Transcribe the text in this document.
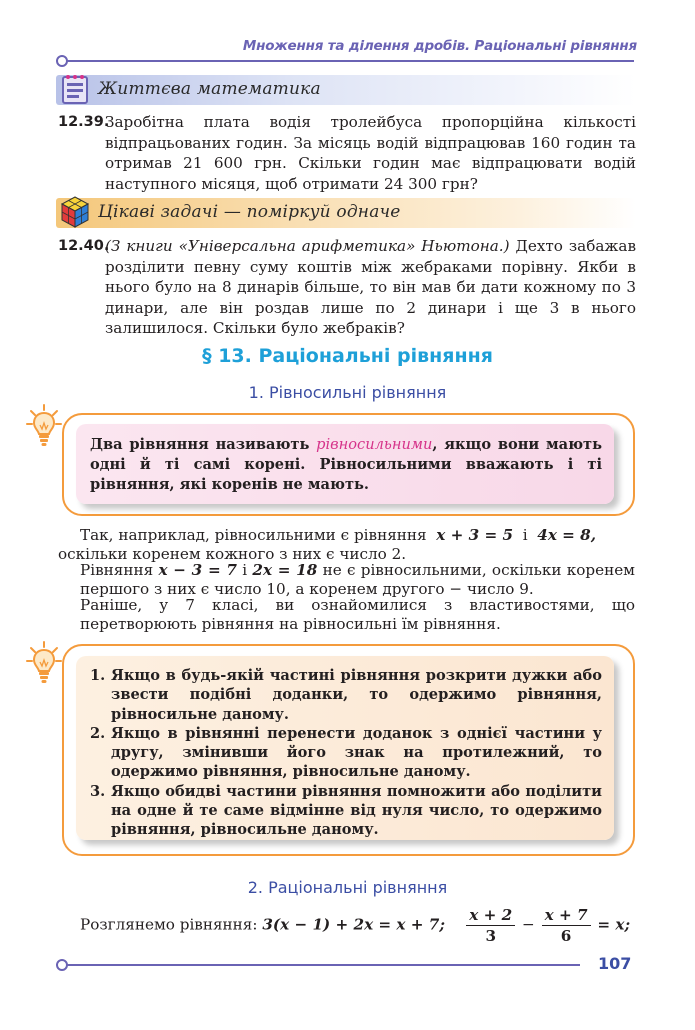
Множення та ділення дробів. Раціональні рівняння
Життєва математика
12.39.
Заробітна плата водія тролейбуса пропорційна кількості відпрацьованих годин. За місяць водій відпрацював 160 годин та отримав 21 600 грн. Скільки годин має відпрацювати водій наступного місяця, щоб отримати 24 300 грн?
Цікаві задачі — поміркуй одначе
12.40.
(З книги «Універсальна арифметика» Ньютона.) Дехто забажав розділити певну суму коштів між жебраками порівну. Якби в нього було на 8 динарів більше, то він мав би дати кожному по 3 динари, але він роздав лише по 2 динари і ще 3 в нього залишилося. Скільки було жебраків?
§ 13. Раціональні рівняння
1. Рівносильні рівняння
Два рівняння називають рівносильними, якщо вони мають одні й ті самі корені. Рівносильними вважають і ті рівняння, які коренів не мають.
Так, наприклад, рівносильними є рівняння x + 3 = 5 і 4x = 8,
оскільки коренем кожного з них є число 2.
Рівняння x − 3 = 7 і 2x = 18 не є рівносильними, оскільки коренем першого з них є число 10, а коренем другого − число 9.
Раніше, у 7 класі, ви ознайомилися з властивостями, що перетворюють рівняння на рівносильні їм рівняння.
1. Якщо в будь-якій частині рівняння розкрити дужки або звести подібні доданки, то одержимо рівняння, рівносильне даному.
2. Якщо в рівнянні перенести доданок з однієї частини у другу, змінивши його знак на протилежний, то одержимо рівняння, рівносильне даному.
3. Якщо обидві частини рівняння помножити або поділити на одне й те саме відмінне від нуля число, то одержимо рівняння, рівносильне даному.
2. Раціональні рівняння
Розглянемо рівняння: 3(x − 1) + 2x = x + 7; $\frac{x + 2}{3} - \frac{x + 7}{6} = x$;
107
